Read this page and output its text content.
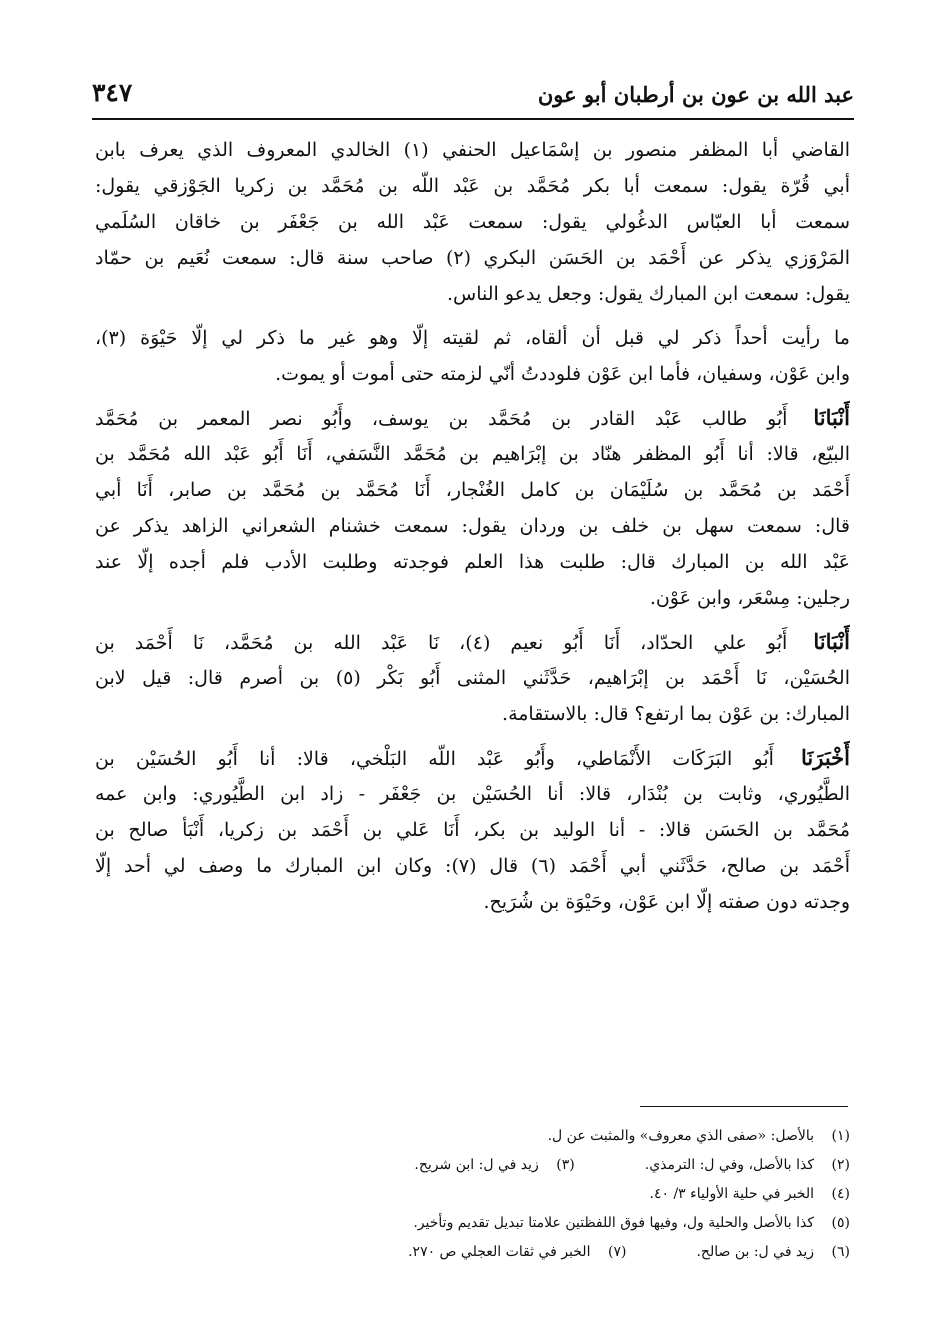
عبد الله بن عون بن أرطبان أبو عون
٣٤٧
القاضي أبا المظفر منصور بن إسْمَاعيل الحنفي (١) الخالدي المعروف الذي يعرف بابن
أبي قُرّة يقول: سمعت أبا بكر مُحَمَّد بن عَبْد اللّه بن مُحَمَّد بن زكريا الجَوْزقي يقول:
سمعت أبا العبّاس الدغُولي يقول: سمعت عَبْد الله بن جَعْفَر بن خاقان السُلَمي
المَرْوَزي يذكر عن أَحْمَد بن الحَسَن البكري (٢) صاحب سنة قال: سمعت نُعَيم بن حمّاد
يقول: سمعت ابن المبارك يقول: وجعل يدعو الناس.
ما رأيت أحداً ذكر لي قبل أن ألقاه، ثم لقيته إلّا وهو غير ما ذكر لي إلّا حَيْوَة (٣)،
وابن عَوْن، وسفيان، فأما ابن عَوْن فلوددتُ أنّي لزمته حتى أموت أو يموت.
أَنْبَانَا أَبُو طالب عَبْد القادر بن مُحَمَّد بن يوسف، وأَبُو نصر المعمر بن مُحَمَّد
البيّع، قالا: أنا أَبُو المظفر هنّاد بن إبْرَاهيم بن مُحَمَّد النَّسَفي، أَنَا أَبُو عَبْد الله مُحَمَّد بن
أَحْمَد بن مُحَمَّد بن سُلَيْمَان بن كامل الغُنْجار، أَنَا مُحَمَّد بن مُحَمَّد بن صابر، أَنَا أبي
قال: سمعت سهل بن خلف بن وردان يقول: سمعت خشنام الشعراني الزاهد يذكر عن
عَبْد الله بن المبارك قال: طلبت هذا العلم فوجدته وطلبت الأدب فلم أجده إلّا عند
رجلين: مِسْعَر، وابن عَوْن.
أَنْبَانَا أَبُو علي الحدّاد، أَنَا أَبُو نعيم (٤)، نَا عَبْد الله بن مُحَمَّد، نَا أَحْمَد بن
الحُسَيْن، نَا أَحْمَد بن إبْرَاهيم، حَدَّثَني المثنى أَبُو بَكْر (٥) بن أصرم قال: قيل لابن
المبارك: بن عَوْن بما ارتفع؟ قال: بالاستقامة.
أَخْبَرَنَا أَبُو البَرَكَات الأَنْمَاطي، وأَبُو عَبْد اللّه البَلْخي، قالا: أنا أَبُو الحُسَيْن بن
الطَّيُوري، وثابت بن بُنْدَار، قالا: أنا الحُسَيْن بن جَعْفَر - زاد ابن الطَّيُوري: وابن عمه
مُحَمَّد بن الحَسَن قالا: - أنا الوليد بن بكر، أَنَا عَلي بن أَحْمَد بن زكريا، أَنْبَأ صالح بن
أَحْمَد بن صالح، حَدَّثَني أبي أَحْمَد (٦) قال (٧): وكان ابن المبارك ما وصف لي أحد إلّا
وجدته دون صفته إلّا ابن عَوْن، وحَيْوَة بن شُرَيح.
(١)بالأصل: «صفى الذي معروف» والمثبت عن ل.
(٢)كذا بالأصل، وفي ل: الترمذي.
(٣)زيد في ل: ابن شريح.
(٤)الخبر في حلية الأولياء ٣/ ٤٠.
(٥)كذا بالأصل والحلية ول، وفيها فوق اللفظتين علامتا تبديل تقديم وتأخير.
(٦)زيد في ل: بن صالح.
(٧)الخبر في ثقات العجلي ص ٢٧٠.
